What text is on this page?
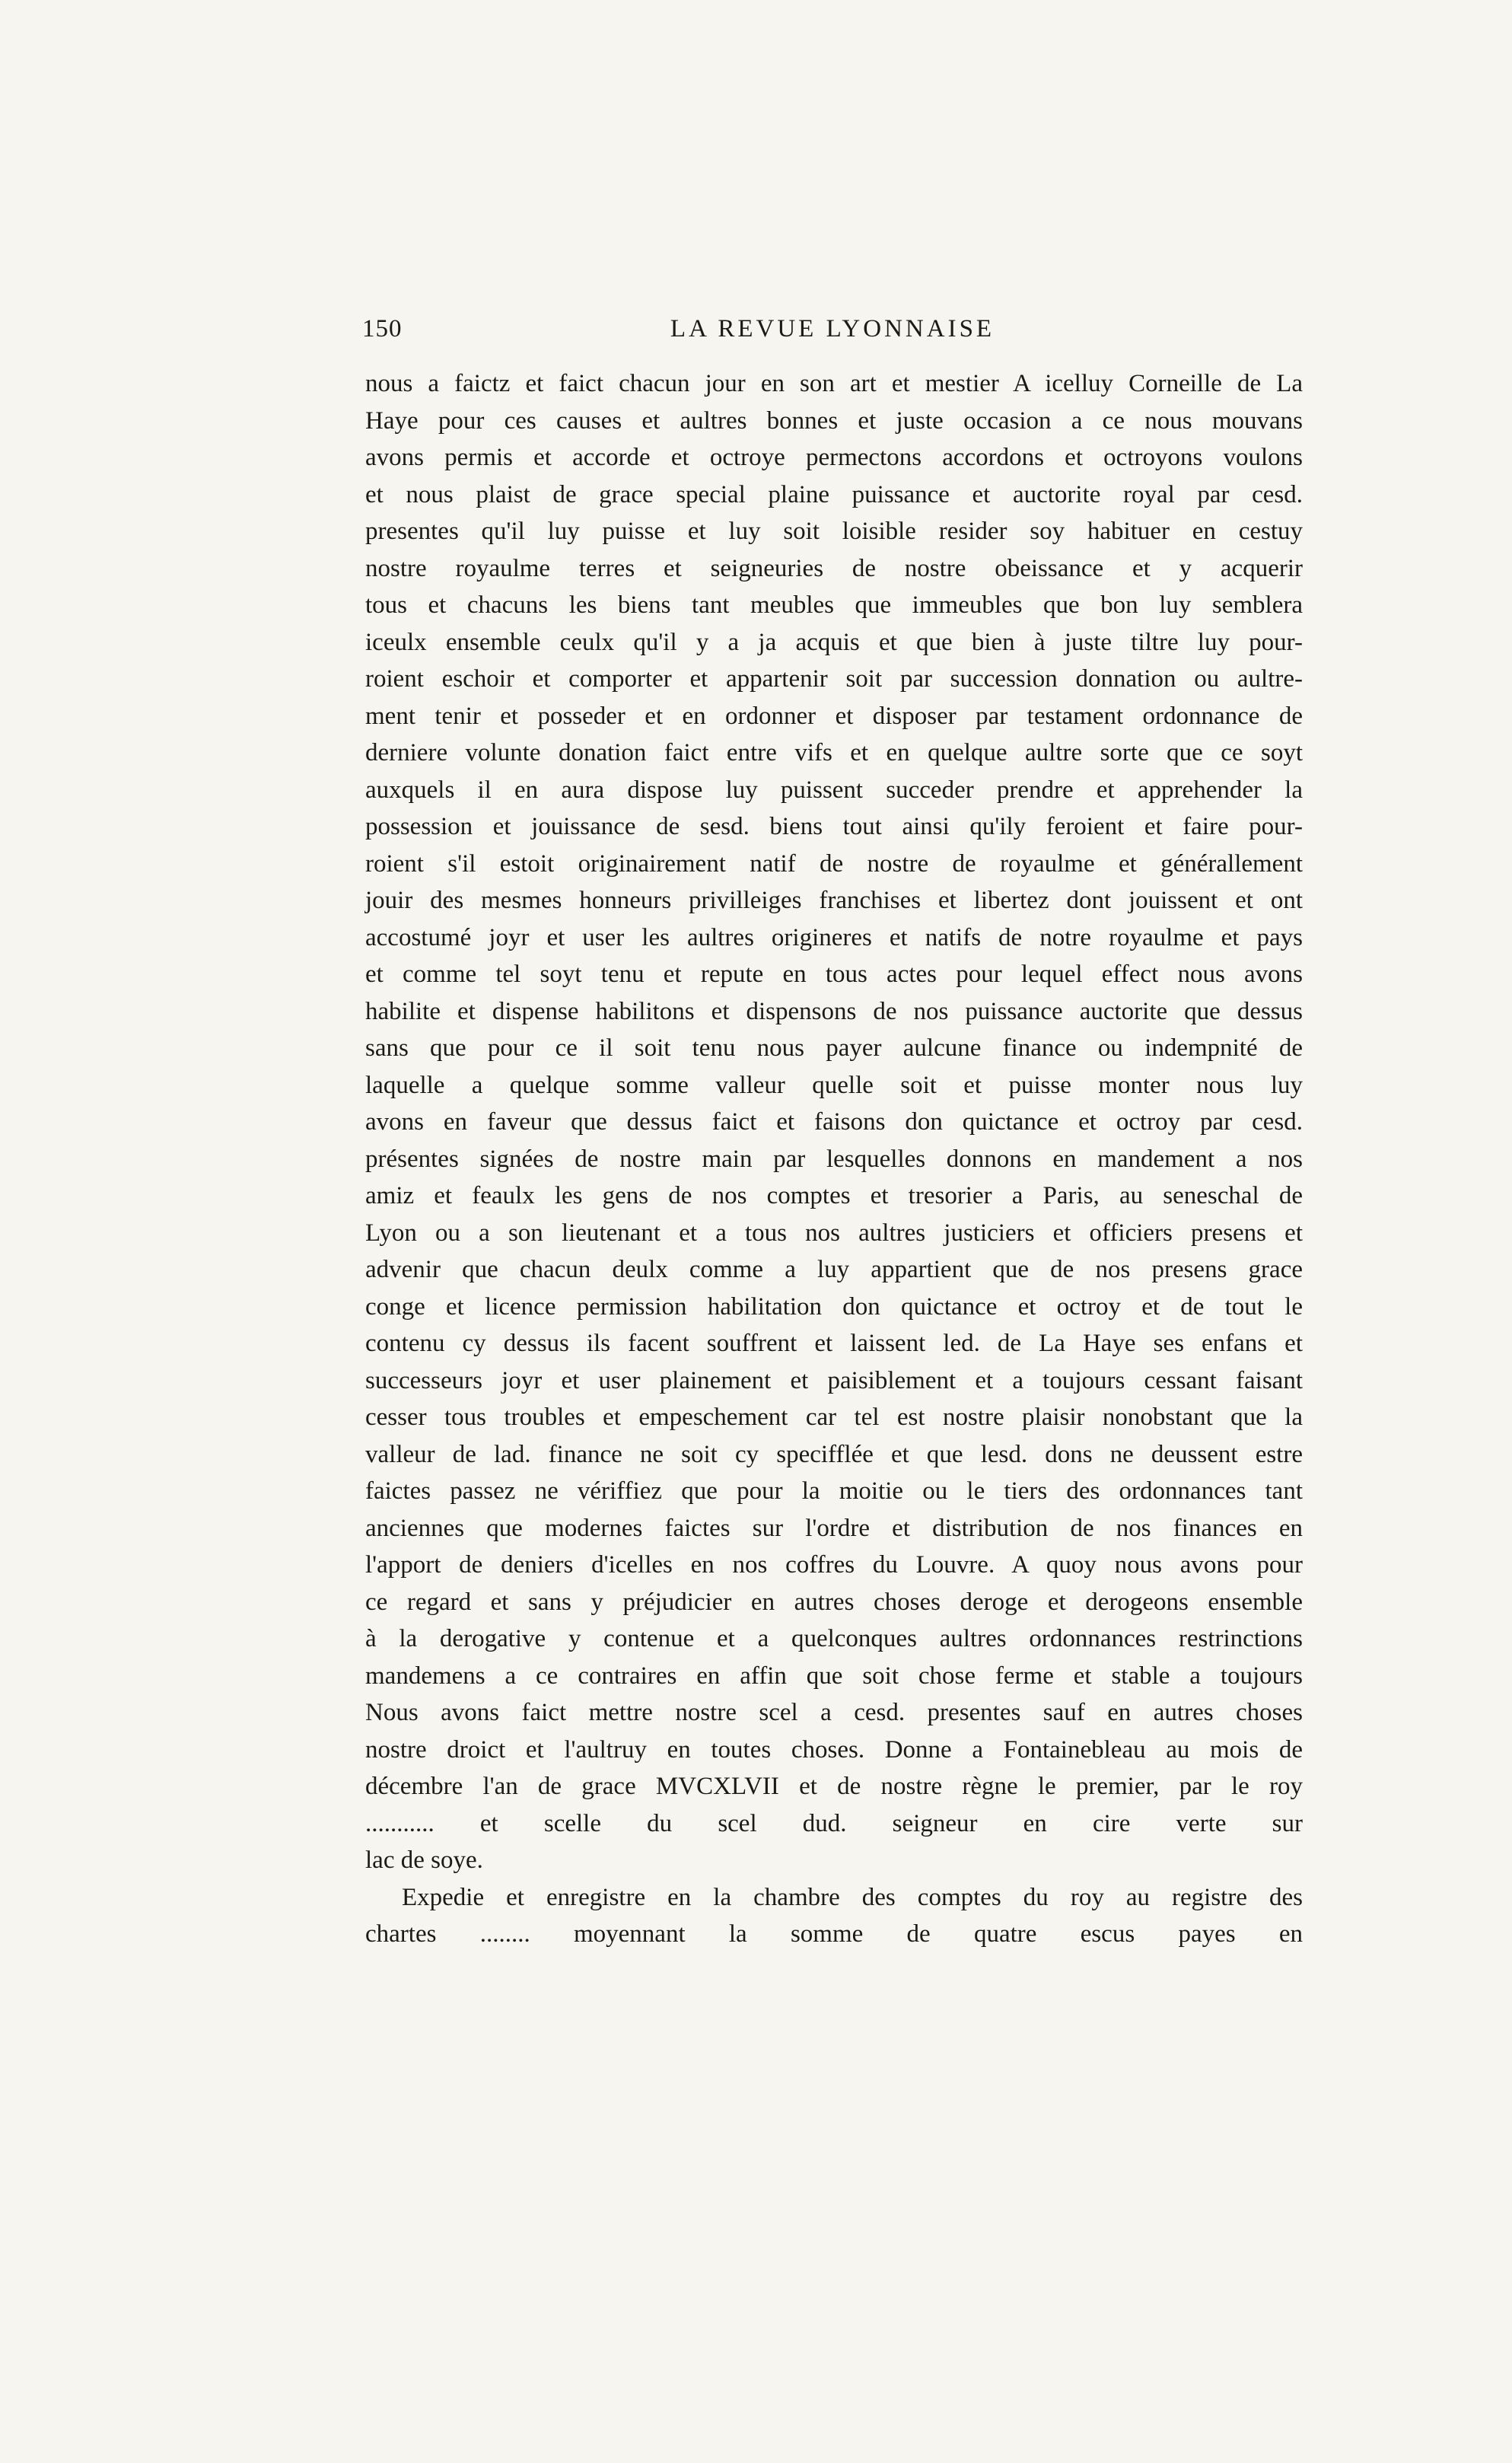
150	LA REVUE LYONNAISE
nous a faictz et faict chacun jour en son art et mestier A icelluy Corneille de La
Haye pour ces causes et aultres bonnes et juste occasion a ce nous mouvans
avons permis et accorde et octroye permectons accordons et octroyons voulons
et nous plaist de grace special plaine puissance et auctorite royal par cesd.
presentes qu'il luy puisse et luy soit loisible resider soy habituer en cestuy
nostre royaulme terres et seigneuries de nostre obeissance et y acquerir
tous et chacuns les biens tant meubles que immeubles que bon luy semblera
iceulx ensemble ceulx qu'il y a ja acquis et que bien à juste tiltre luy pour-
roient eschoir et comporter et appartenir soit par succession donnation ou aultre-
ment tenir et posseder et en ordonner et disposer par testament ordonnance de
derniere volunte donation faict entre vifs et en quelque aultre sorte que ce soyt
auxquels il en aura dispose luy puissent succeder prendre et apprehender la
possession et jouissance de sesd. biens tout ainsi qu'ily feroient et faire pour-
roient s'il estoit originairement natif de nostre de royaulme et générallement
jouir des mesmes honneurs privilleiges franchises et libertez dont jouissent et ont
accostumé joyr et user les aultres origineres et natifs de notre royaulme et pays
et comme tel soyt tenu et repute en tous actes pour lequel effect nous avons
habilite et dispense habilitons et dispensons de nos puissance auctorite que dessus
sans que pour ce il soit tenu nous payer aulcune finance ou indempnité de
laquelle a quelque somme valleur quelle soit et puisse monter nous luy
avons en faveur que dessus faict et faisons don quictance et octroy par cesd.
présentes signées de nostre main par lesquelles donnons en mandement a nos
amiz et feaulx les gens de nos comptes et tresorier a Paris, au seneschal de
Lyon ou a son lieutenant et a tous nos aultres justiciers et officiers presens et
advenir que chacun deulx comme a luy appartient que de nos presens grace
conge et licence permission habilitation don quictance et octroy et de tout le
contenu cy dessus ils facent souffrent et laissent led. de La Haye ses enfans et
successeurs joyr et user plainement et paisiblement et a toujours cessant faisant
cesser tous troubles et empeschement car tel est nostre plaisir nonobstant que la
valleur de lad. finance ne soit cy specifflée et que lesd. dons ne deussent estre
faictes passez ne vériffiez que pour la moitie ou le tiers des ordonnances tant
anciennes que modernes faictes sur l'ordre et distribution de nos finances en
l'apport de deniers d'icelles en nos coffres du Louvre. A quoy nous avons pour
ce regard et sans y préjudicier en autres choses deroge et derogeons ensemble
à la derogative y contenue et a quelconques aultres ordonnances restrinctions
mandemens a ce contraires en affin que soit chose ferme et stable a toujours
Nous avons faict mettre nostre scel a cesd. presentes sauf en autres choses
nostre droict et l'aultruy en toutes choses. Donne a Fontainebleau au mois de
décembre l'an de grace MVCXLVII et de nostre règne le premier, par le roy
........... et scelle du scel dud. seigneur en cire verte sur
lac de soye.
Expedie et enregistre en la chambre des comptes du roy au registre des
chartes ........ moyennant la somme de quatre escus payes en
